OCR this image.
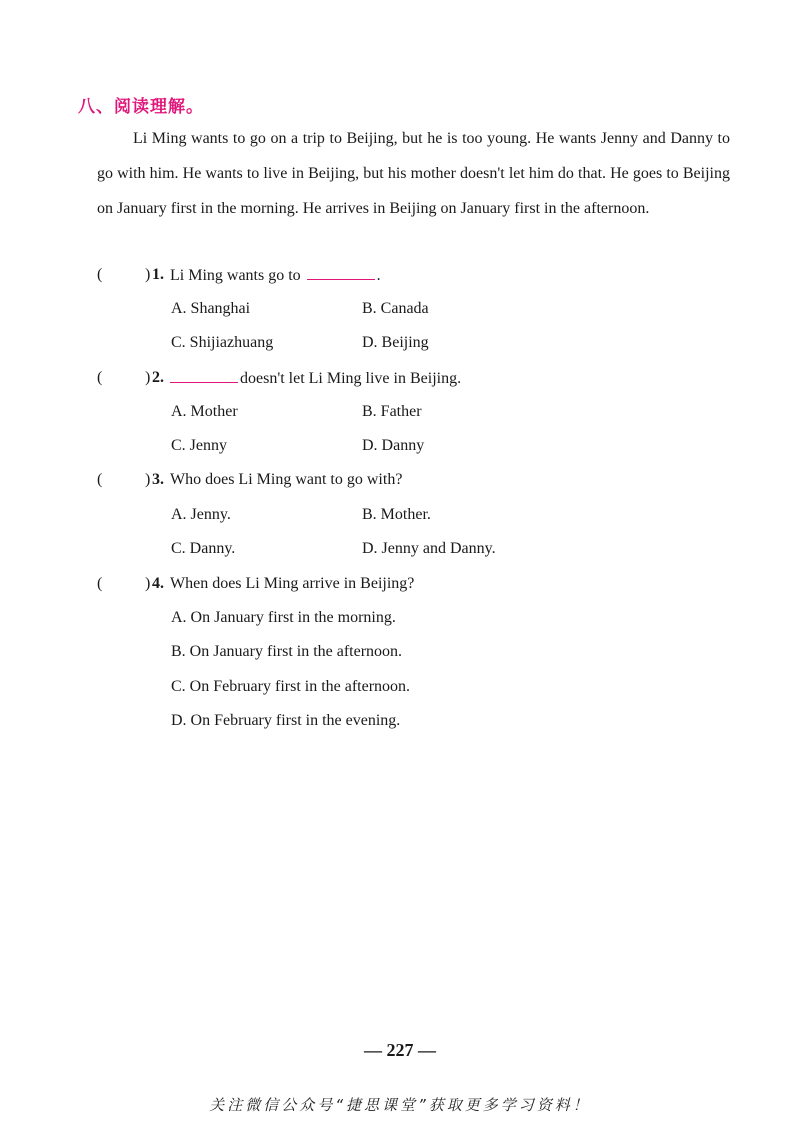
八、阅读理解。

Li Ming wants to go on a trip to Beijing, but he is too young. He wants Jenny and Danny to go with him. He wants to live in Beijing, but his mother doesn't let him do that. He goes to Beijing on January first in the morning. He arrives in Beijing on January first in the afternoon.

(	) 1. Li Ming wants go to	.
A. Shanghai	B. Canada
C. Shijiazhuang	D. Beijing
(	) 2.	doesn't let Li Ming live in Beijing.
A. Mother	B. Father
C. Jenny	D. Danny
(	) 3. Who does Li Ming want to go with?
A. Jenny.	B. Mother.
C. Danny.	D. Jenny and Danny.
(	) 4. When does Li Ming arrive in Beijing?
A. On January first in the morning.
B. On January first in the afternoon.
C. On February first in the afternoon.
D. On February first in the evening.
— 227 —
关注微信公众号“捷思课堂”获取更多学习资料！
